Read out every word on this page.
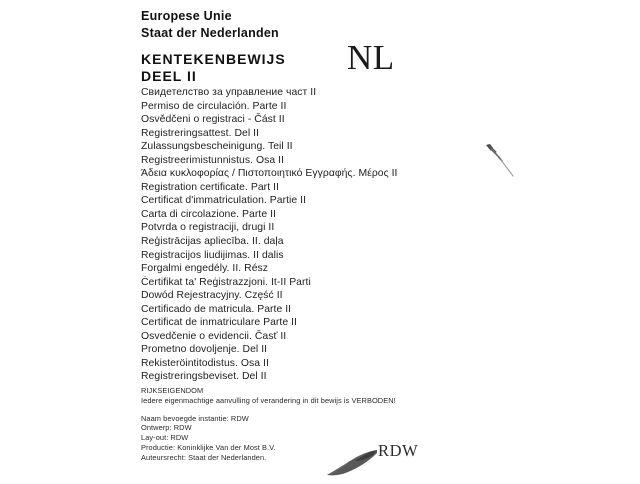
Europese Unie
Staat der Nederlanden
KENTEKENBEWIJS
DEEL II	NL
Свидетелство за управление част II
Permiso de circulación. Parte II
Osvědčeni o registraci - Část II
Registreringsattest. Del II
Zulassungsbescheinigung. Teil II
Registreerimistunnistus. Osa II
Άδεια κυκλοφορίας / Πιστοποιητικό Εγγραφής. Μέρος II
Registration certificate. Part II
Certificat d'immatriculation. Partie II
Carta di circolazione. Parte II
Potvrda o registraciji, drugi II
Reģistrācijas apliecība. II. daļa
Registracijos liudijimas. II dalis
Forgalmi engedély. II. Rész
Ċertifikat ta' Reġistrazzjoni. It-II Parti
Dowód Rejestracyjny. Część II
Certificado de matricula. Parte II
Certificat de inmatriculare Parte II
Osvedčenie o evidencii. Časť II
Prometno dovoljenje. Del II
Rekisteröintitodistus. Osa II
Registreringsbeviset. Del II
RIJKSEIGENDOM
Iedere eigenmachtige aanvulling of verandering in dit bewijs is VERBODEN!
Naam bevoegde instantie: RDW
Ontwerp: RDW
Lay-out: RDW
Productie: Koninklijke Van der Most B.V.
Auteursrecht: Staat der Nederlanden.	RDW
